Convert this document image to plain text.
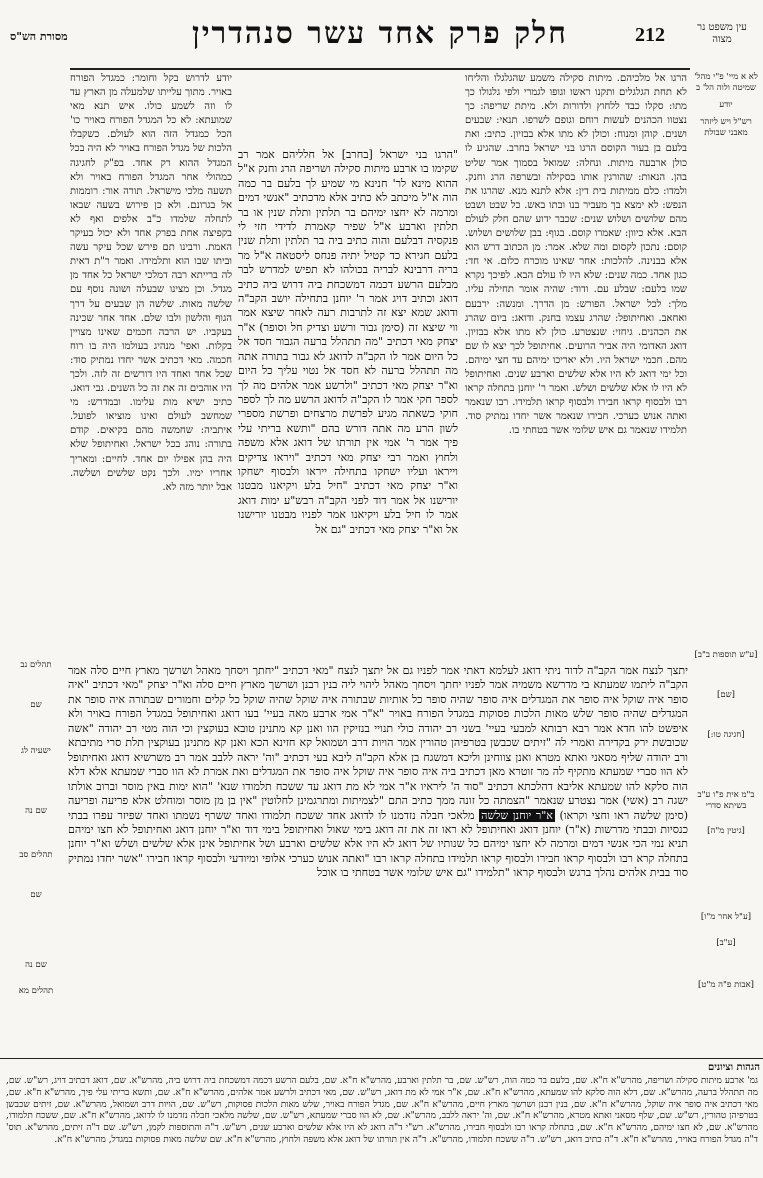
מסורת הש"ס	חלק פרק אחד עשר סנהדרין	212	עין משפט נר מצוה
לא א מיי' פ"י מהל' שמיטה ולוה הל' ב
יודע
רש"ל ויש ליזהר מאבני שבולת

הרגו אל מלכיהם. מיתות סקילה משמע שהגלגלו והליחו לא תחת הגלגלים ותקנו ראשו וגופו לגמרי ולפי גלגולו כך מתו: סקלו כבד ללחוץ ולדורות ולא. מיתת שריפה: כך נצטוו הכהנים לעשות רוחם וגופם לשרפו. תנאי: שבעים ושנים. קוהן ומנוח: וכולן לא מתו אלא בבזיון. כתיב: ואת בלעם בן בעור הקוסם הרגו בני ישראל בחרב. שהגיע לו כולן ארבעה מיתות. ונחלה: שמואל בסמוך אמר שליט בהן. הנאות: שהורגין אותו בסקילה ובשרפה הרג וחנק. ולמדו: כלם ממיתות בית דין: אלא לתנא מנא. שהרגו את הנפש: לא ימצא בך מעביר בנו ובתו באש. כל שבט ושבט מהם שלושים ושלוש שנים: שכבר ידוע שהם חלק לעולם הבא. אלא כיוון: שאמרו קוסם. בגוף: בבן שלושים ושלוש. קוסם: נתכון לקסום ומה שלא. אמר: מן הכתוב דרש הוא אלא בבנינה. להלכות: אחר שאינו מוכרח כלום. אי חד: כגון אחד. כמה שנים: שלא היו לו עולם הבא. לפיכך נקרא שמו בלעם: שבלע עם. ודוד: שהיה אומר תחילה עליו. מלך: לכל ישראל. הפורש: מן הדרך. ומנשה: ירבעם ואחאב. ואחיתופל: שהרג עצמו בחנק. ודואג: ביום שהרג את הכהנים. גיחזי: שנצטרע. כולן לא מתו אלא בבזיון. דואג האדומי היה אביר הרועים. אחיתופל לכך יצא לו שם מהם. חכמי ישראל היו. ולא יאריכו ימיהם עד חצי ימיהם. וכל ימי דואג לא היו אלא שלשים וארבע שנים. ואחיתופל לא היו לו אלא שלשים ושלש. ואמר ר' יוחנן בתחלה קראו רבו ולבסוף קראו חבירו ולבסוף קראו תלמידו. רבו שנאמר ואתה אנוש כערכי. חבירו שנאמר אשר יחדו נמתיק סוד. תלמידו שנאמר גם איש שלומי אשר בטחתי בו.

"הרגו בני ישראל [בחרב] אל חלליהם אמר רב שקימו בו ארבע מיתות סקילה ושריפה הרג וחנק א"ל ההוא מינא לר' חנינא מי שמיע לך בלעם בר כמה הוה א"ל מיכתב לא כתיב אלא מדכתיב "אנשי דמים ומרמה לא יחצו ימיהם בר תלתין ותלת שנין או בר תלתין וארבע א"ל שפיר קאמרת לדידי חזי לי פנקסיה דבלעם והוה כתיב ביה בר תלתין ותלת שנין בלעם חגירא כד קטיל יתיה פנחס ליסטאה א"ל מר בריה דרבינא לבריה בכולהו לא תפיש למדרש לבר מבלעם הרשע דכמה דמשכחת ביה דרוש ביה כתיב דואג וכתיב דויג אמר ר' יוחנן בתחילה יושב הקב"ה ודואג שמא יצא זה לתרבות רעה לאחר שיצא אמר ווי שיצא זה (סימן גבור ורשע וצדיק חל וסופר) א"ר יצחק מאי דכתיב "מה תתהלל ברעה הגבור חסד אל כל היום אמר לו הקב"ה לדואג לא גבור בתורה אתה מה תתהלל ברעה לא חסד אל נטוי עליך כל היום וא"ר יצחק מאי דכתיב "ולרשע אמר אלהים מה לך לספר חקי אמר לו הקב"ה לדואג הרשע מה לך לספר חוקי כשאתה מגיע לפרשת מרצחים ופרשת מספרי לשון הרע מה אתה דורש בהם "ותשא בריתי עלי פיך אמר ר' אמי אין תורתו של דואג אלא משפה ולחוץ ואמר רבי יצחק מאי דכתיב "ויראו צדיקים וייראו ועליו ישחקו בתחילה ייראו ולבסוף ישחקו וא"ר יצחק מאי דכתיב "חיל בלע ויקיאנו מבטנו יורישנו אל אמר דוד לפני הקב"ה רבש"ע ימות דואג אמר לו חיל בלע ויקיאנו אמר לפניו מבטנו יורישנו אל וא"ר יצחק מאי דכתיב "גם אל

יודע לדרוש בקל וחומר: כמגדל הפורח באויר. מתוך עלייתו שלמעלה מן הארץ עד לו וזה לשמע כולו. איש תנא מאי שמועתא: לא כל המגדל הפורח באויר כו' הכל כמגדל הזה הוא לעולם. כשקבלו הלכות של מגדל הפורח באויר לא היה בכל המגדל ההוא רק אחד. בפ"ק לחגיגה כמהולי אחר המגדל הפורח באויר ולא תשעה מלכי מישראל. תורה אור: רוממות אל בגרונם. ולא כן פירוש בשעה שבאו לתחלה שלמדו כ"ב אלפים ואף לא בקפיצה אחת בפרק אחד ולא יכול בעיקר האמת. ורבינו תם פירש שכל עיקר עשה וביתו שבו הוא ותלמידו. ואמר ר"ת דאית לה ברייתא רבה דמלכי ישראל כל אחד מן מגדל. וכן מצינו שבעלה ושונה נוסף עם שלשה מאות. שלשה הן שבעים על דרך הגוף והלשון ולבו שלם. אחד אחר שכינה בעקביו. יש הרבה חכמים שאינו מצויין בקלות. ואפי' מנהיג בעולמו היה בו רוח חכמה. מאי דכתיב אשר יחדו נמתיק סוד: שכל אחד ואחד היו דורשים זה לזה. ולכך היו אוהבים זה את זה כל השנים. גבי דואג. כתיב ישיא מות עלימו. ובמדרש: מי שמחשב לעולם ואינו מוציאו לפועל. איתביה: שחמשה מהם בקיאים. קודם בתורה: נוהג בכל ישראל. ואחיתופל שלא היה בהן אפילו יום אחד. לחיים: ומאריך אחריו ימיו. ולכך נקט שלשים ושלשה. אבל יותר מזה לא.

[ע"ש תוספות ב"ב]
[שם]
[חגיגה טו:]
ב"מ אית פ"ו ע"ב בשיתא סדרי
[גיטין מ"ה]
[ע"ל אחר מ"ו]
[ע"ב]
[אבות פ"ה מ"ט]
תהלים נב
שם
ישעיה לג
שם נה
תהלים סב
שם
שם נה
תהלים מא
יתצך לנצח אמר הקב"ה לדוד ניתי דואג לעלמא דאתי אמר לפניו גם אל יתצך לנצח "מאי דכתיב "יחתך ויסחך מאהל ושרשך מארץ חיים סלה אמר הקב"ה ליתמו שמעתא בי מדרשא משמיה אמר לפניו יחתך ויסחך מאהל ליהוי ליה בנין רבנן ושרשך מארץ חיים סלה וא"ר יצחק "מאי דכתיב "איה סופר איה שוקל איה סופר את המגדלים איה סופר שהיה סופר כל אותיות שבתורה איה שוקל שהיה שוקל כל קלים וחמורים שבתורה איה סופר את המגדלים שהיה סופר שלש מאות הלכות פסוקות במגדל הפורח באויר "א"ר אמי ארבע מאה בעיי' בעו דואג ואחיתופל במגדל הפורח באויר ולא איפשט להו חדא אמר רבא רבותא למבעי בעיי' בשני רב יהודה כולי תנויי בנזיקין הוו ואנן קא מתנינן טובא בעוקצין וכי הוה מטי רב יהודה "אשה שכובשת ירק בקדירה ואמרי לה "זיתים שכבשן בטרפיהן טהורין אמר הויות דרב ושמואל קא חזינא הכא ואנן קא מתנינן בעוקצין תלת סרי מתיבתא ורב יהודה שליף מסאני ואתא מטרא ואנן צווחינן וליכא דמשגח בן אלא הקב"ה ליבא בעי דכתיב "וה' יראה ללבב אמר רב משרשיא דואג ואחיתופל לא הוו סברי שמעתא מתקיף לה מר זוטרא מאן דכתיב ביה איה סופר איה שוקל איה סופר את המגדלים ואת אמרת לא הוו סברי שמעתא אלא דלא הוה סלקא להו שמעתא אליבא דהלכתא דכתיב "סוד ה' ליראיו א"ר אמי לא מת דואג עד ששכח תלמודו שנא' "הוא ימות באין מוסר וברוב אולתו ישגה רב (אשי) אמר נצטרע שנאמר "הצמתה כל זונה ממך כתיב התם "לצמיתות ומתרגמינן לחלוטין "אין בן מן מוסר ומוחלט אלא פריעה ופריעה (סימן שלשה ראו וחצי וקראו) א"ר יוחנן שלשה מלאכי חבלה נזדמנו לו לדואג אחד ששכח תלמודו ואחד ששרף נשמתו ואחד שפיזר עפרו בבתי כנסיות ובבתי מדרשות (א"ר) יוחנן דואג ואחיתופל לא ראו זה את זה דואג בימי שאול ואחיתופל בימי דוד וא"ר יוחנן דואג ואחיתופל לא חצו ימיהם תניא נמי הכי אנשי דמים ומרמה לא יחצו ימיהם כל שנותיו של דואג לא היו אלא שלשים וארבע ושל אחיתופל אינן אלא שלשים ושלש וא"ר יוחנן בתחלה קרא רבו ולבסוף קראו חבירו ולבסוף קראו תלמידו בתחלה קראו רבו "ואתה אנוש כערכי אלופי ומיודעי ולבסוף קראו חבירו "אשר יחדו נמתיק סוד בבית אלהים נהלך ברגש ולבסוף קראו "תלמידו "גם איש שלומי אשר בטחתי בו אוכל
הגהות וציונים
גמ' ארבע מיתות סקילה ושריפה, מהרש"א ח"א. שם, בלעם בר כמה הוה, רש"ש. שם, בר תלתין וארבע, מהרש"א ח"א. שם, בלעם הרשע דכמה דמשכחת ביה דרוש ביה, מהרש"א. שם, דואג דכתיב דויג, רש"ש. שם, מה תתהלל ברעה, מהרש"א. שם, דלא הוה סלקא להו שמעתא, מהרש"א ח"א. שם, א"ר אמי לא מת דואג, רש"ש. שם, מאי דכתיב ולרשע אמר אלהים, מהרש"א ח"א. שם, ותשא בריתי עלי פיך, מהרש"א ח"א. שם, מאי דכתיב איה סופר איה שוקל, מהרש"א ח"א. שם, בנין רבנן ושרשך מארץ חיים, מהרש"א ח"א. שם, מגדל הפורח באויר, שלש מאות הלכות פסוקות, רש"ש. שם, הויות דרב ושמואל, מהרש"א. שם, זיתים שכבשן בטרפיהן טהורין, רש"ש. שם, שלף מסאני ואתא מטרא, מהרש"א ח"א. שם, וה' יראה ללבב, מהרש"א. שם, לא הוו סברי שמעתא, רש"ש. שם, שלשה מלאכי חבלה נזדמנו לו לדואג, מהרש"א ח"א. שם, ששכח תלמודו, מהרש"א. שם, לא חצו ימיהם, מהרש"א ח"א. שם, בתחלה קראו רבו ולבסוף חבירו, מהרש"א. רש"י ד"ה דואג לא היו אלא שלשים וארבע שנים, רש"ש. ד"ה והתוספות לקמן, רש"ש. שם ד"ה זיתים, מהרש"א. תוס' ד"ה מגדל הפורח באויר, מהרש"א ח"א. ד"ה כתיב דואג, רש"ש. ד"ה ששכח תלמודו, מהרש"א. ד"ה אין תורתו של דואג אלא משפה ולחוץ, מהרש"א ח"א. שם שלשה מאות פסוקות במגדל, מהרש"א ח"א.
